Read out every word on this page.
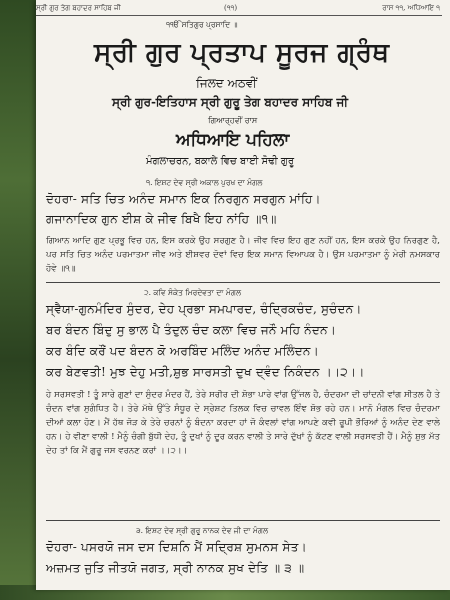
ਸ੍ਰੀ ਗੁਰ ਤੇਗ ਬਹਾਦਰ ਸਾਹਿਬ ਜੀ	(੧੧)	ਰਾਸ ੧੧, ਅਧਿਆਇ ੧
੧ੴ ਸਤਿਗੁਰ ਪ੍ਰਸਾਦਿ ॥
ਸ੍ਰੀ ਗੁਰ ਪ੍ਰਤਾਪ ਸੂਰਜ ਗ੍ਰੰਥ
ਜਿਲਦ ਅਠਵੀਂ
ਸ੍ਰੀ ਗੁਰ-ਇਤਿਹਾਸ ਸ੍ਰੀ ਗੁਰੂ ਤੇਗ ਬਹਾਦਰ ਸਾਹਿਬ ਜੀ
ਗਿਆਰ੍ਹਵੀਂ ਰਾਸ
ਅਧਿਆਇ ਪਹਿਲਾ
ਮੰਗਲਾਚਰਨ, ਬਕਾਲੇ ਵਿਚ ਬਾਈ ਸੋਢੀ ਗੁਰੂ
੧. ਇਸ਼ਟ ਦੇਵ ਸ੍ਰੀ ਅਕਾਲ ਪੁਰਖ ਦਾ ਮੰਗਲ
ਦੋਹਰਾ- ਸਤਿ ਚਿਤ ਅਨੰਦ ਸਮਾਨ ਇਕ ਨਿਰਗੁਨ ਸਰਗੁਨ ਮਾਂਹਿ।
ਗਜਾਨਾਦਿਕ ਗੁਨ ਈਸ਼ ਕੇ ਜੀਵ ਬਿਖੈ ਇਹ ਨਾਂਹਿ ॥੧॥
ਗਿਆਨ ਆਦਿ ਗੁਣ ਪ੍ਰਭੂ ਵਿਚ ਹਨ, ਇਸ ਕਰਕੇ ਉਹ ਸਰਗੁਣ ਹੈ। ਜੀਵ ਵਿਚ ਇਹ ਗੁਣ ਨਹੀਂ ਹਨ, ਇਸ ਕਰਕੇ ਉਹ ਨਿਰਗੁਣ ਹੈ, ਪਰ ਸਤਿ ਚਿਤ ਅਨੰਦ ਪਰਮਾਤਮਾ ਜੀਵ ਅਤੇ ਈਸ਼ਵਰ ਦੋਵਾਂ ਵਿਚ ਇਕ ਸਮਾਨ ਵਿਆਪਕ ਹੈ। ਉਸ ਪਰਮਾਤਮਾ ਨੂੰ ਮੇਰੀ ਨਮਸਕਾਰ ਹੋਵੇ ॥੧॥
੨. ਕਵਿ ਸੰਕੇਤ ਮਿਰਦੇਵਤਾ ਦਾ ਮੰਗਲ
ਸ੍ਵੈਯਾ-ਗੁਨਮੰਦਿਰ ਸੁੰਦਰ, ਦੇਹ ਪ੍ਰਭਾ ਸਮਪਾਰਦ, ਚੰਦ੍ਰਿਕਚੰਦ, ਸੁਚੰਦਨ।
ਬਰ ਬੰਦਨ ਬਿੰਦੁ ਸੁ ਭਾਲ ਪੈ ਤੰਦੁਲ ਚੰਦ ਕਲਾ ਵਿਚ ਜਨੌ ਮਹਿ ਨੰਦਨ।
ਕਰ ਬੰਦਿ ਕਰੌਂ ਪਦ ਬੰਦਨ ਕੋ ਅਰਬਿੰਦ ਮਲਿੰਦ ਅਨੰਦ ਮਲਿੰਦਨ।
ਕਰ ਬੇਣਵਤੀ! ਮੁਝ ਦੇਹੁ ਮਤੀ,ਸ਼ੁਭ ਸਾਰਸਤੀ ਦੁਖ ਦ੍ਵੰਦ ਨਿਕੰਦਨ ।।੨।।
ਹੇ ਸਰਸਵਤੀ ! ਤੂੰ ਸਾਰੇ ਗੁਣਾਂ ਦਾ ਸੁੰਦਰ ਮੰਦਰ ਹੈਂ, ਤੇਰੇ ਸਰੀਰ ਦੀ ਸ਼ੋਭਾ ਪਾਰੇ ਵਾਂਗ ਉੱਜਲ ਹੈ, ਚੰਦਰਮਾ ਦੀ ਚਾਂਦਨੀ ਵਾਂਗ ਸੀਤਲ ਹੈ ਤੇ ਚੰਦਨ ਵਾਂਗ ਸੁਗੰਧਿਤ ਹੈ। ਤੇਰੇ ਮੱਥੇ ਉੱਤੇ ਸੰਧੂਰ ਦੇ ਸ੍ਰੇਸ਼ਟ ਤਿਲਕ ਵਿਚ ਚਾਵਲ ਇੰਞ ਸ਼ੋਭ ਰਹੇ ਹਨ। ਮਾਨੋ ਮੰਗਲ ਵਿਚ ਚੰਦਰਮਾ ਦੀਆਂ ਕਲਾ ਹੋਣ। ਮੈਂ ਹੱਥ ਜੋੜ ਕੇ ਤੇਰੇ ਚਰਨਾਂ ਨੂੰ ਬੰਦਨਾ ਕਰਦਾ ਹਾਂ ਜੋ ਕੰਵਲਾਂ ਵਾਂਗ ਆਪਣੇ ਕਵੀ ਰੂਪੀ ਭੌਰਿਆਂ ਨੂੰ ਅਨੰਦ ਦੇਣ ਵਾਲੇ ਹਨ। ਹੇ ਵੀਣਾ ਵਾਲੀ ! ਮੈਨੂੰ ਚੰਗੀ ਬੁੱਧੀ ਦੇਹ, ਤੂੰ ਦੁਖਾਂ ਨੂੰ ਦੂਰ ਕਰਨ ਵਾਲੀ ਤੇ ਸਾਰੇ ਦੁੱਖਾਂ ਨੂੰ ਕੱਟਣ ਵਾਲੀ ਸਰਸਵਤੀ ਹੈਂ। ਮੈਨੂੰ ਸ਼ੁਭ ਮੱਤ ਦੇਹ ਤਾਂ ਕਿ ਮੈਂ ਗੁਰੂ ਜਸ ਵਰਨਣ ਕਰਾਂ ।।੨।।
੩. ਇਸ਼ਟ ਦੇਵ ਸ੍ਰੀ ਗੁਰੂ ਨਾਨਕ ਦੇਵ ਜੀ ਦਾ ਮੰਗਲ
ਦੋਹਰਾ- ਪਸਰਯੋ ਜਸ ਦਸ ਦਿਸ਼ਨਿ ਮੈਂ ਸਦ੍ਰਿਸ਼ ਸੁਮਨਸ ਸੇਤ।
ਅਜ਼ਮਤ ਜੁਤਿ ਜੀਤਯੋ ਜਗਤ, ਸ੍ਰੀ ਨਾਨਕ ਸੁਖ ਦੇਤਿ ॥ ੩ ॥
